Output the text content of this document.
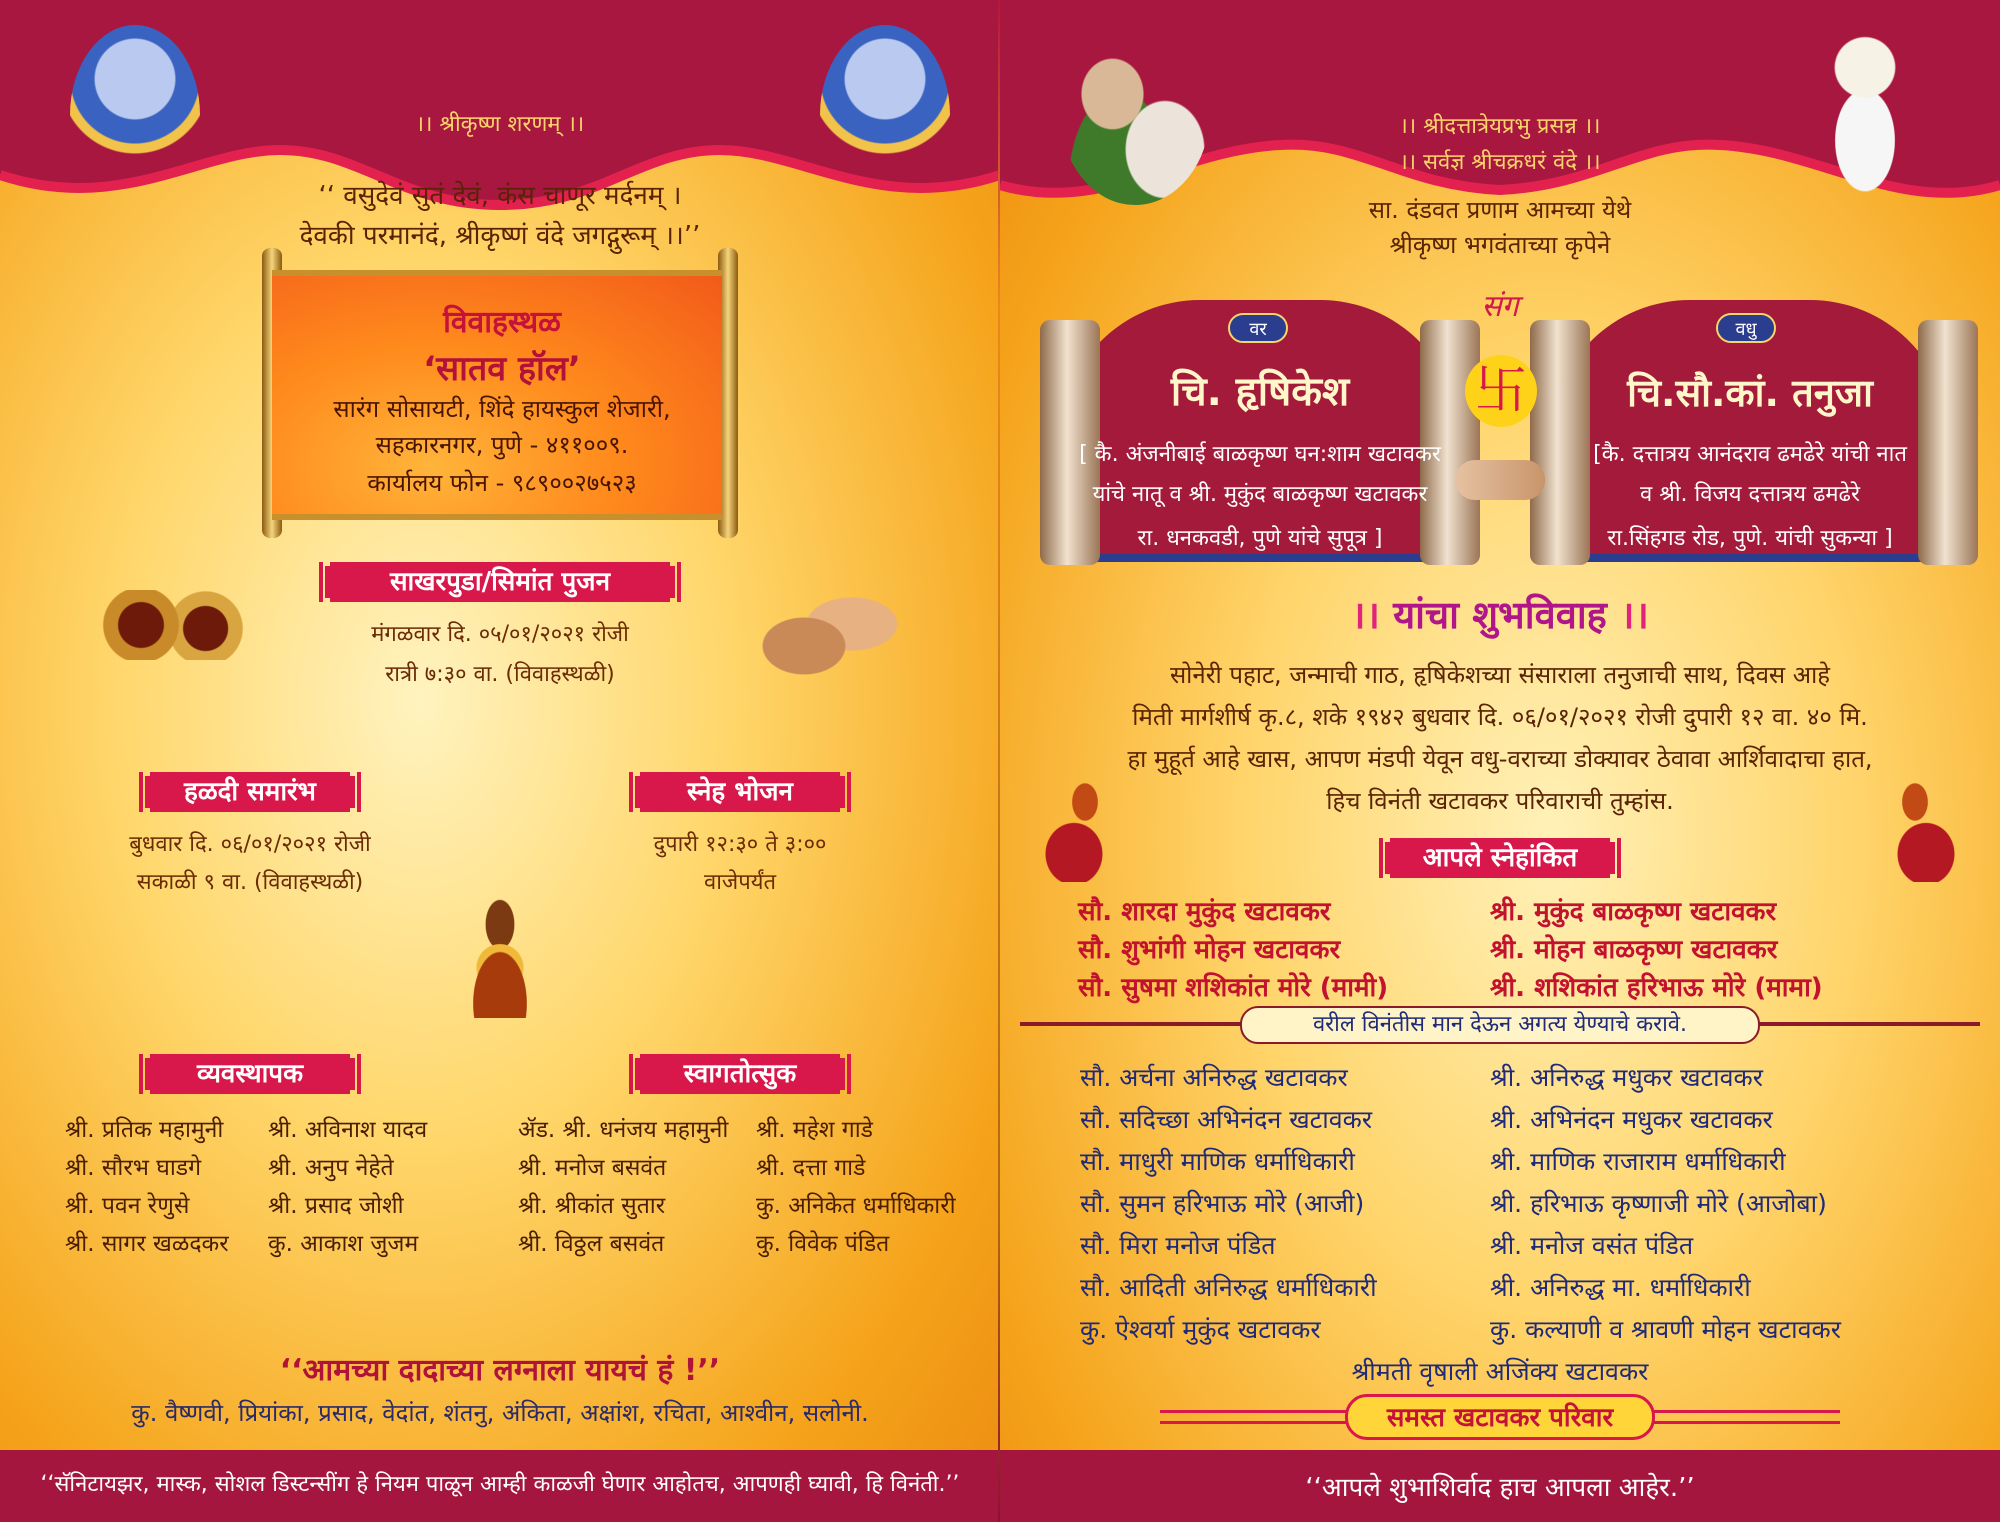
।। श्रीकृष्ण शरणम् ।।
‘‘ वसुदेवं सुतं देवं, कंस चाणूर मर्दनम् ।
देवकी परमानंदं, श्रीकृष्णं वंदे जगद्गुरूम् ।।’’
विवाहस्थळ
‘सातव हॉल’
सारंग सोसायटी, शिंदे हायस्कुल शेजारी,
सहकारनगर, पुणे - ४११००९.
कार्यालय फोन - ९८९००२७५२३
साखरपुडा/सिमांत पुजन
मंगळवार दि. ०५/०१/२०२१ रोजी
रात्री ७:३० वा. (विवाहस्थळी)
हळदी समारंभ
बुधवार दि. ०६/०१/२०२१ रोजी
सकाळी ९ वा. (विवाहस्थळी)
स्नेह भोजन
दुपारी १२:३० ते ३:००
वाजेपर्यंत
व्यवस्थापक
श्री. प्रतिक महामुनी
श्री. सौरभ घाडगे
श्री. पवन रेणुसे
श्री. सागर खळदकर
श्री. अविनाश यादव
श्री. अनुप नेहेते
श्री. प्रसाद जोशी
कु. आकाश जुजम
स्वागतोत्सुक
ॲड. श्री. धनंजय महामुनी
श्री. मनोज बसवंत
श्री. श्रीकांत सुतार
श्री. विठ्ठल बसवंत
श्री. महेश गाडे
श्री. दत्ता गाडे
कु. अनिकेत धर्माधिकारी
कु. विवेक पंडित
‘‘आमच्या दादाच्या लग्नाला यायचं हं !’’
कु. वैष्णवी, प्रियांका, प्रसाद, वेदांत, शंतनु, अंकिता, अक्षांश, रचिता, आश्वीन, सलोनी.
‘‘सॅनिटायझर, मास्क, सोशल डिस्टन्सींग हे नियम पाळून आम्ही काळजी घेणार आहोतच, आपणही घ्यावी, हि विनंती.’’
।। श्रीदत्तात्रेयप्रभु प्रसन्न ।।
।। सर्वज्ञ श्रीचक्रधरं वंदे ।।
सा. दंडवत प्रणाम आमच्या येथे
श्रीकृष्ण भगवंताच्या कृपेने
वर
चि. हृषिकेश
[ कै. अंजनीबाई बाळकृष्ण घन:शाम खटावकर
यांचे नातू व श्री. मुकुंद बाळकृष्ण खटावकर
रा. धनकवडी, पुणे यांचे सुपूत्र ]
वधु
चि.सौ.कां. तनुजा
[कै. दत्तात्रय आनंदराव ढमढेरे यांची नात
व श्री. विजय दत्तात्रय ढमढेरे
रा.सिंहगड रोड, पुणे. यांची सुकन्या ]
संग
卐
।। यांचा शुभविवाह ।।
सोनेरी पहाट, जन्माची गाठ, हृषिकेशच्या संसाराला तनुजाची साथ, दिवस आहे
मिती मार्गशीर्ष कृ.८, शके १९४२ बुधवार दि. ०६/०१/२०२१ रोजी दुपारी १२ वा. ४० मि.
हा मुहूर्त आहे खास, आपण मंडपी येवून वधु-वराच्या डोक्यावर ठेवावा आर्शिवादाचा हात,
हिच विनंती खटावकर परिवाराची तुम्हांस.
आपले स्नेहांकित
सौ. शारदा मुकुंद खटावकर
सौ. शुभांगी मोहन खटावकर
सौ. सुषमा शशिकांत मोरे (मामी)
श्री. मुकुंद बाळकृष्ण खटावकर
श्री. मोहन बाळकृष्ण खटावकर
श्री. शशिकांत हरिभाऊ मोरे (मामा)
वरील विनंतीस मान देऊन अगत्य येण्याचे करावे.
सौ. अर्चना अनिरुद्ध खटावकर
सौ. सदिच्छा अभिनंदन खटावकर
सौ. माधुरी माणिक धर्माधिकारी
सौ. सुमन हरिभाऊ मोरे (आजी)
सौ. मिरा मनोज पंडित
सौ. आदिती अनिरुद्ध धर्माधिकारी
कु. ऐश्वर्या मुकुंद खटावकर
श्री. अनिरुद्ध मधुकर खटावकर
श्री. अभिनंदन मधुकर खटावकर
श्री. माणिक राजाराम धर्माधिकारी
श्री. हरिभाऊ कृष्णाजी मोरे (आजोबा)
श्री. मनोज वसंत पंडित
श्री. अनिरुद्ध मा. धर्माधिकारी
कु. कल्याणी व श्रावणी मोहन खटावकर
श्रीमती वृषाली अजिंक्य खटावकर
समस्त खटावकर परिवार
‘‘आपले शुभाशिर्वाद हाच आपला आहेर.’’
